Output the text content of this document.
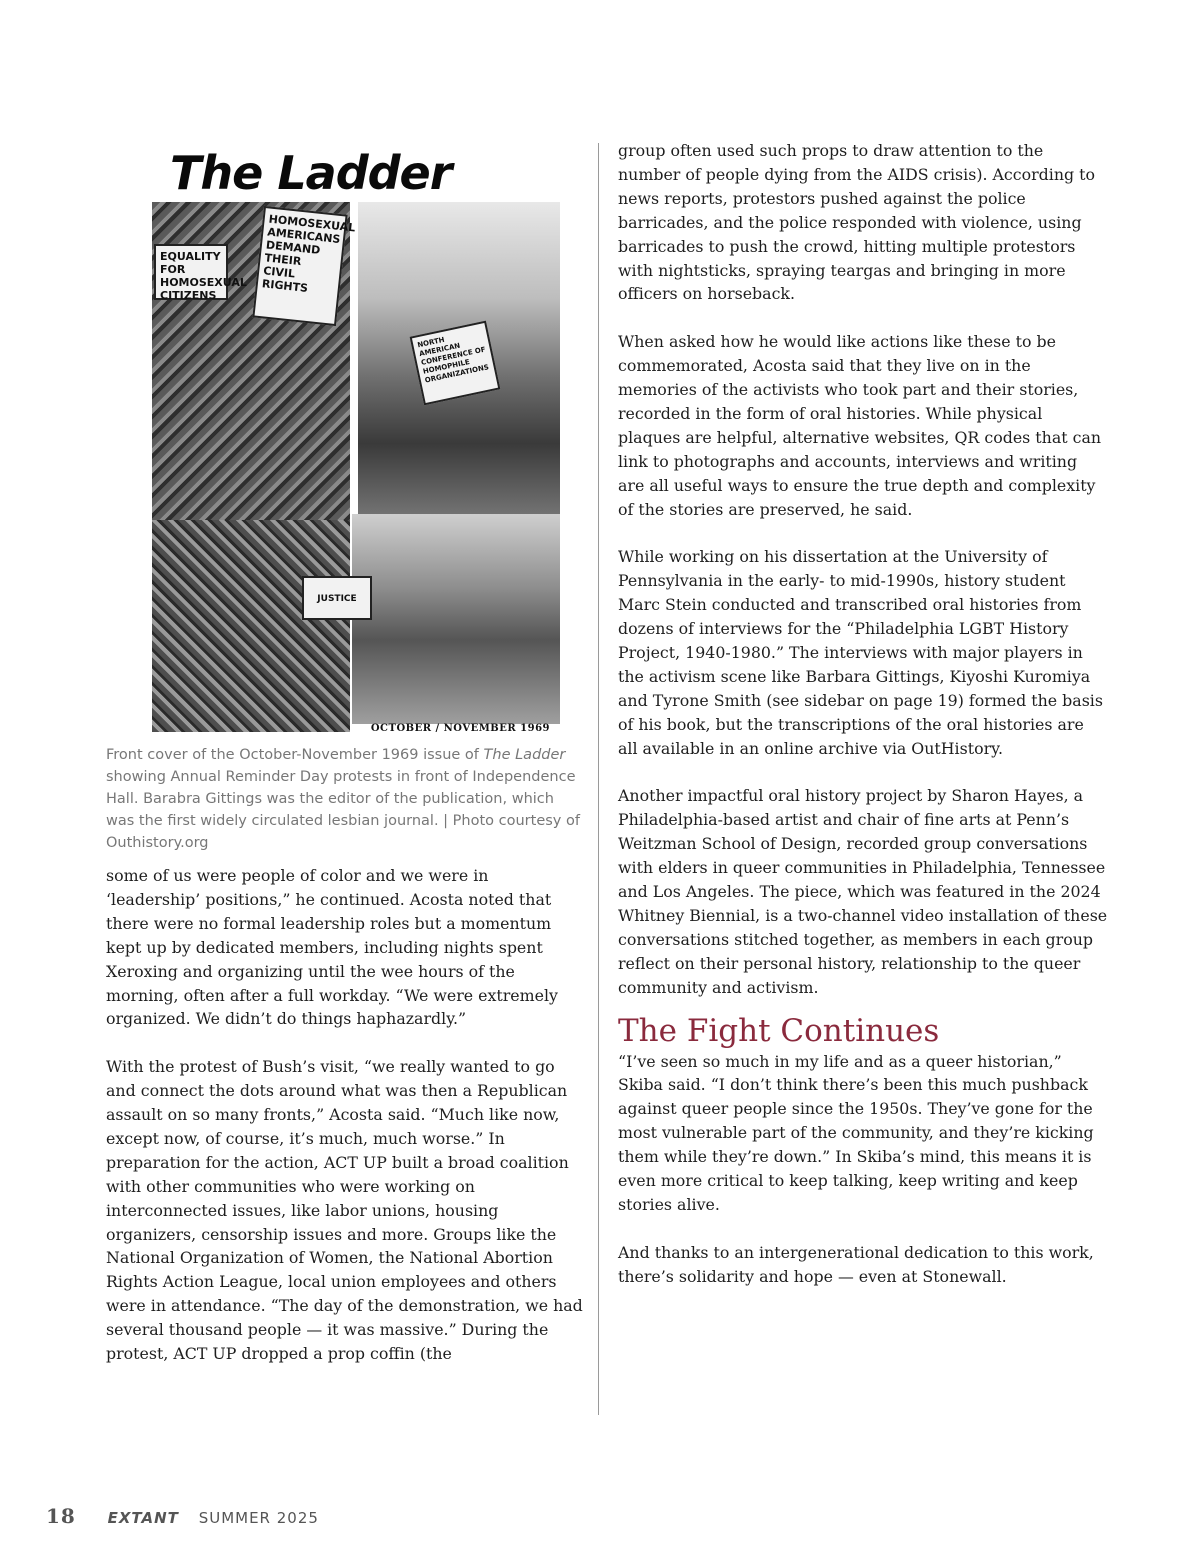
HOMOSEXUAL AMERICANS DEMAND THEIR CIVIL RIGHTS
EQUALITY FOR HOMOSEXUAL CITIZENS
NORTH AMERICAN CONFERENCE OF HOMOPHILE ORGANIZATIONS
JUSTICE
The Ladder
OCTOBER / NOVEMBER 1969

Front cover of the October-November 1969 issue of The Ladder showing Annual Reminder Day protests in front of Independence Hall. Barabra Gittings was the editor of the publication, which was the first widely circulated lesbian journal. | Photo courtesy of Outhistory.org

some of us were people of color and we were in ‘leadership’ positions,” he continued. Acosta noted that there were no formal leadership roles but a momentum kept up by dedicated members, including nights spent Xeroxing and organizing until the wee hours of the morning, often after a full workday. “We were extremely organized. We didn’t do things haphazardly.”

With the protest of Bush’s visit, “we really wanted to go and connect the dots around what was then a Republican assault on so many fronts,” Acosta said. “Much like now, except now, of course, it’s much, much worse.” In preparation for the action, ACT UP built a broad coalition with other communities who were working on interconnected issues, like labor unions, housing organizers, censorship issues and more. Groups like the National Organization of Women, the National Abortion Rights Action League, local union employees and others were in attendance. “The day of the demonstration, we had several thousand people — it was massive.” During the protest, ACT UP dropped a prop coffin (the

group often used such props to draw attention to the number of people dying from the AIDS crisis). According to news reports, protestors pushed against the police barricades, and the police responded with violence, using barricades to push the crowd, hitting multiple protestors with nightsticks, spraying teargas and bringing in more officers on horseback.

When asked how he would like actions like these to be commemorated, Acosta said that they live on in the memories of the activists who took part and their stories, recorded in the form of oral histories. While physical plaques are helpful, alternative websites, QR codes that can link to photographs and accounts, interviews and writing are all useful ways to ensure the true depth and complexity of the stories are preserved, he said.

While working on his dissertation at the University of Pennsylvania in the early- to mid-1990s, history student Marc Stein conducted and transcribed oral histories from dozens of interviews for the “Philadelphia LGBT History Project, 1940-1980.” The interviews with major players in the activism scene like Barbara Gittings, Kiyoshi Kuromiya and Tyrone Smith (see sidebar on page 19) formed the basis of his book, but the transcriptions of the oral histories are all available in an online archive via OutHistory.

Another impactful oral history project by Sharon Hayes, a Philadelphia-based artist and chair of fine arts at Penn’s Weitzman School of Design, recorded group conversations with elders in queer communities in Philadelphia, Tennessee and Los Angeles. The piece, which was featured in the 2024 Whitney Biennial, is a two-channel video installation of these conversations stitched together, as members in each group reflect on their personal history, relationship to the queer community and activism.

The Fight Continues

“I’ve seen so much in my life and as a queer historian,” Skiba said. “I don’t think there’s been this much pushback against queer people since the 1950s. They’ve gone for the most vulnerable part of the community, and they’re kicking them while they’re down.” In Skiba’s mind, this means it is even more critical to keep talking, keep writing and keep stories alive.

And thanks to an intergenerational dedication to this work, there’s solidarity and hope — even at Stonewall.

18 EXTANT SUMMER 2025
